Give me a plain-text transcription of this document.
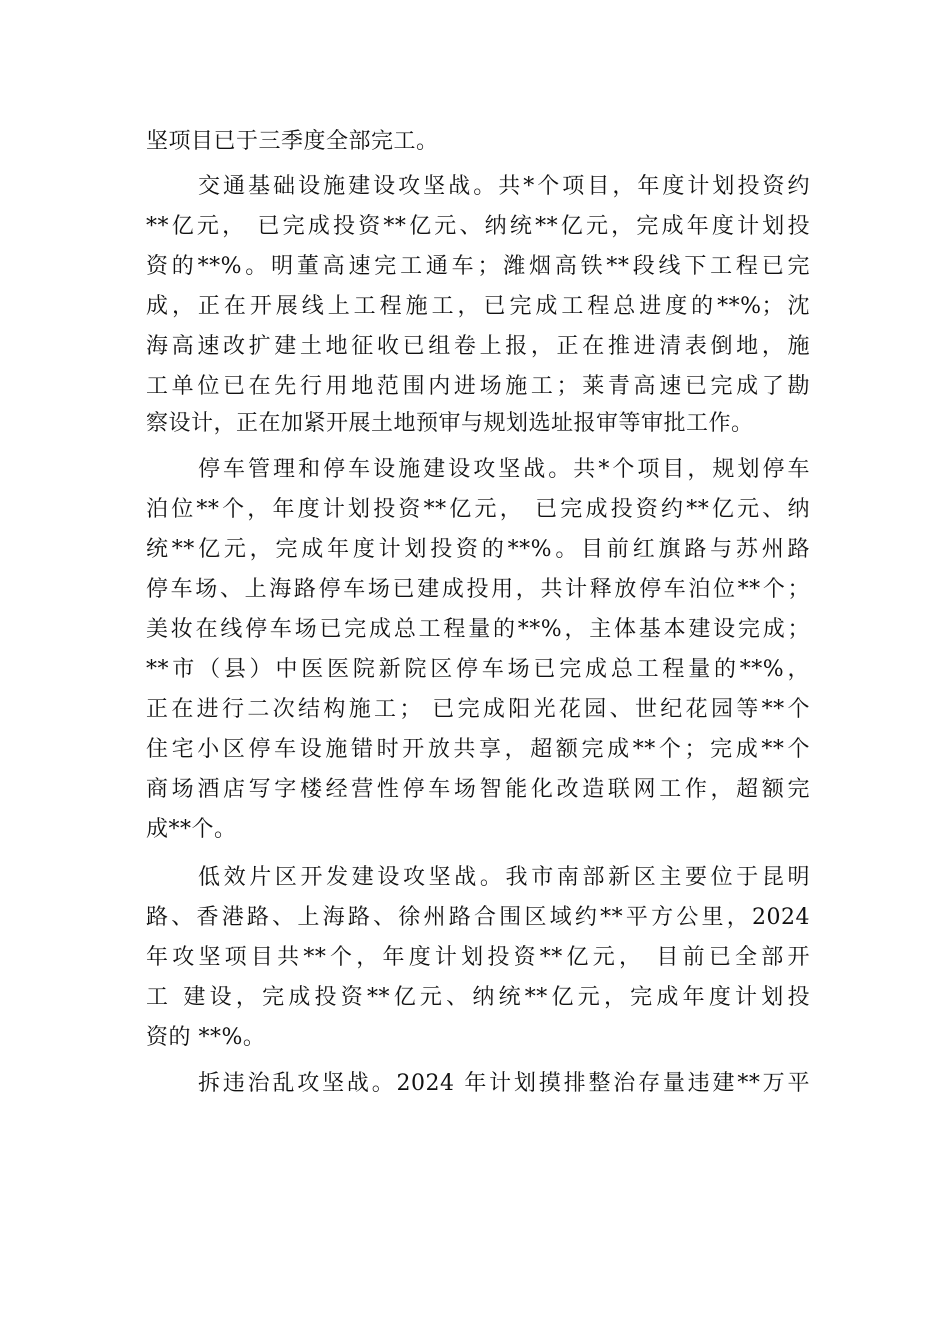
坚项目已于三季度全部完工。
交通基础设施建设攻坚战。共*个项目，年度计划投资约
**亿元， 已完成投资**亿元、纳统**亿元，完成年度计划投
资的**%。明董高速完工通车；潍烟高铁**段线下工程已完
成，正在开展线上工程施工，已完成工程总进度的**%；沈
海高速改扩建土地征收已组卷上报，正在推进清表倒地，施
工单位已在先行用地范围内进场施工；莱青高速已完成了勘
察设计，正在加紧开展土地预审与规划选址报审等审批工作。
停车管理和停车设施建设攻坚战。共*个项目，规划停车
泊位**个，年度计划投资**亿元， 已完成投资约**亿元、纳
统**亿元，完成年度计划投资的**%。目前红旗路与苏州路
停车场、上海路停车场已建成投用，共计释放停车泊位**个；
美妆在线停车场已完成总工程量的**%，主体基本建设完成；
**市（县）中医医院新院区停车场已完成总工程量的**%，
正在进行二次结构施工； 已完成阳光花园、世纪花园等**个
住宅小区停车设施错时开放共享，超额完成**个；完成**个
商场酒店写字楼经营性停车场智能化改造联网工作，超额完
成**个。
低效片区开发建设攻坚战。我市南部新区主要位于昆明
路、香港路、上海路、徐州路合围区域约**平方公里，2024
年攻坚项目共**个，年度计划投资**亿元， 目前已全部开
工 建设，完成投资**亿元、纳统**亿元，完成年度计划投
资的 **%。
拆违治乱攻坚战。2024 年计划摸排整治存量违建**万平
